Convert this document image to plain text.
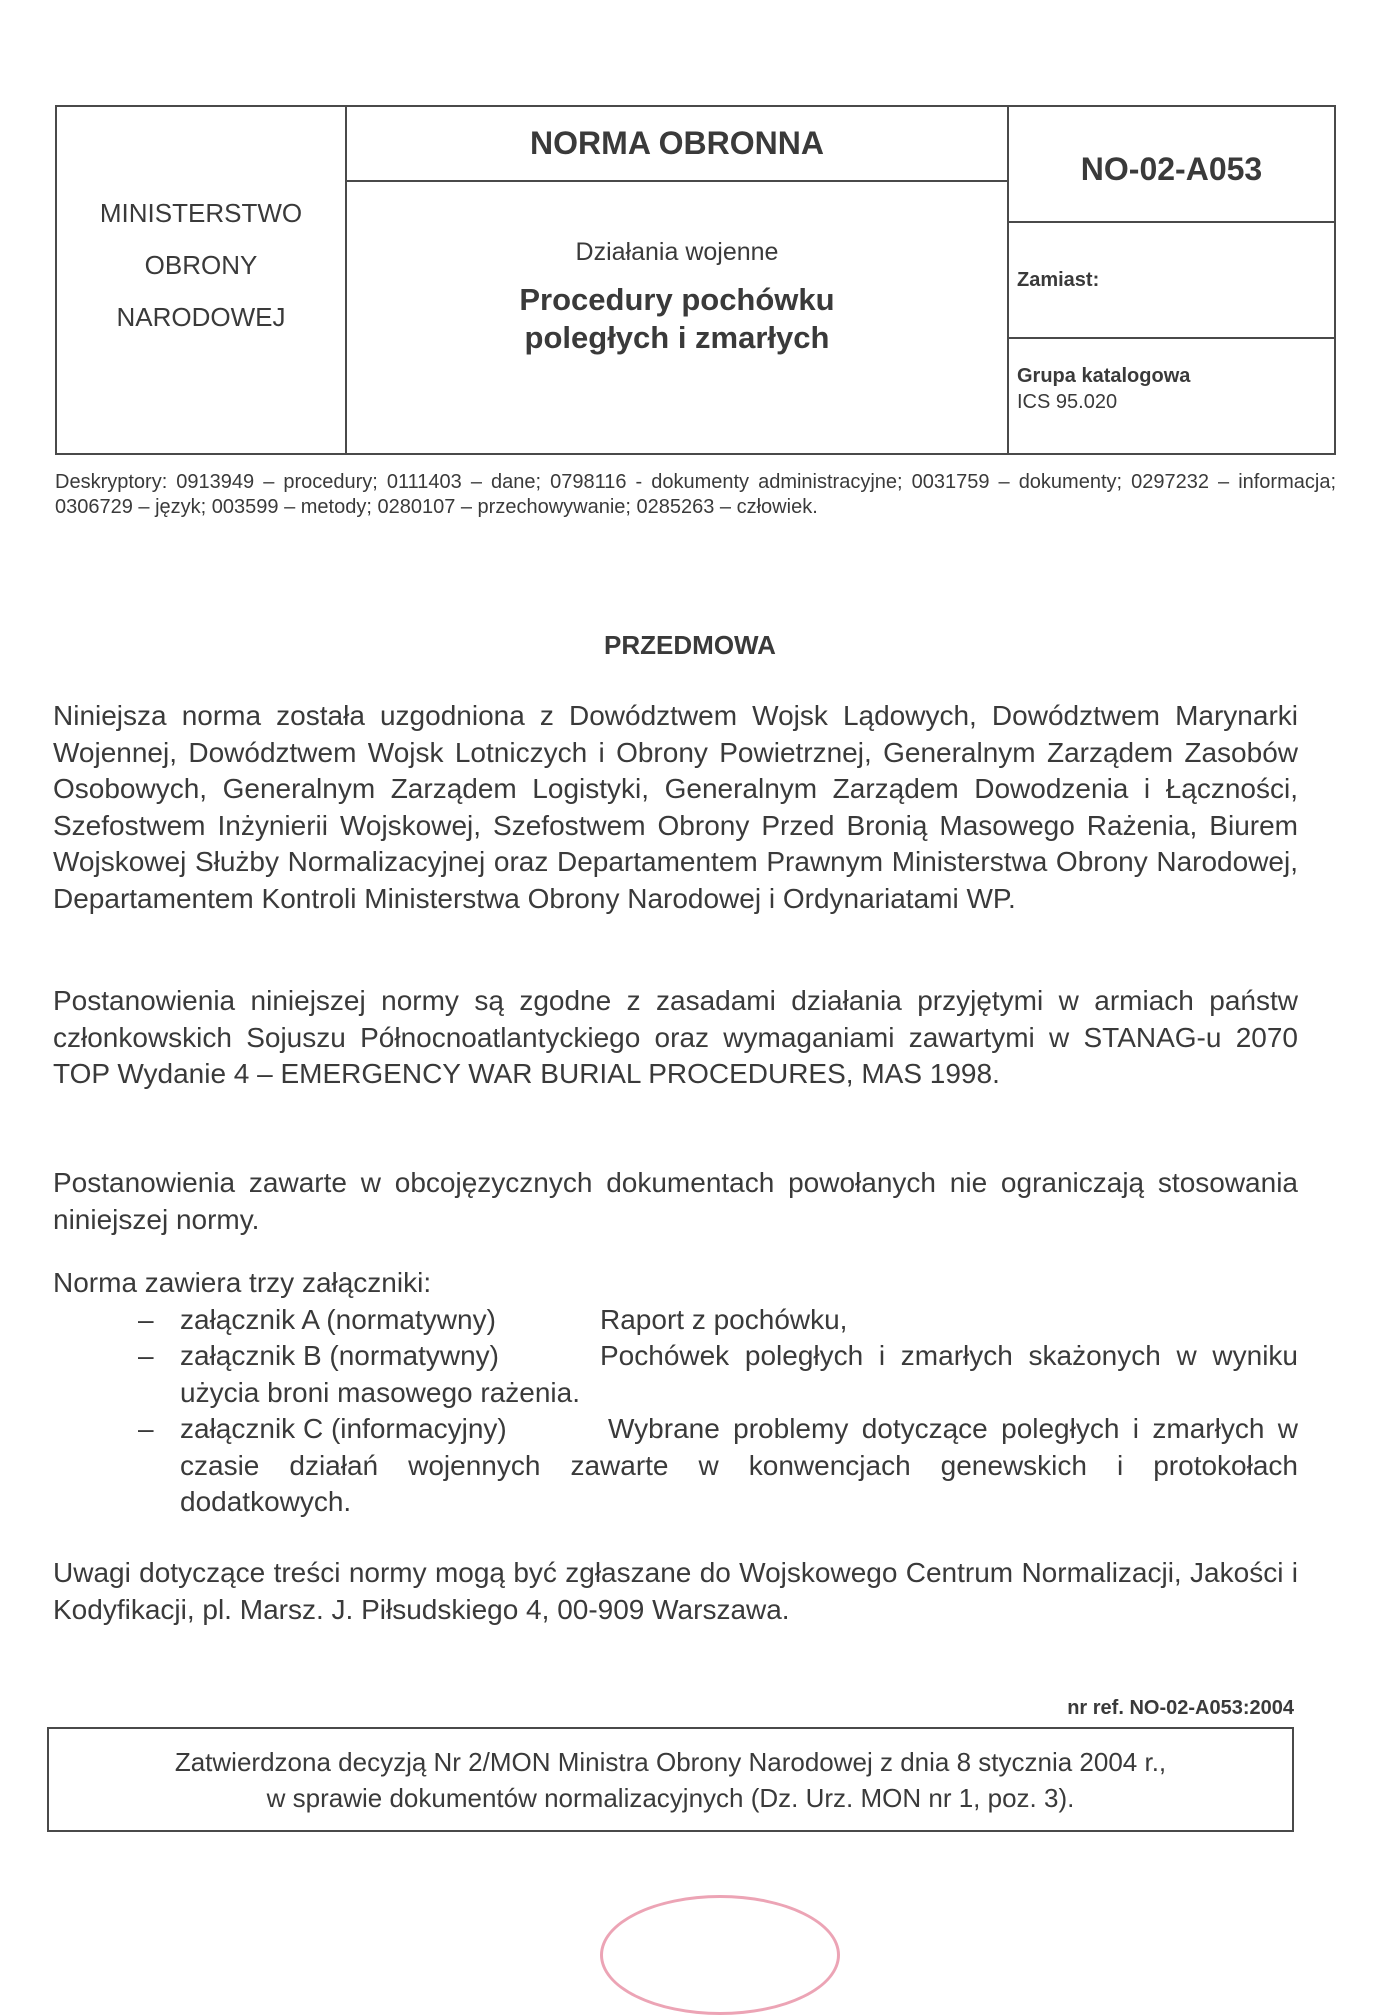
MINISTERSTWO
OBRONY
NARODOWEJ
NORMA OBRONNA
Działania wojenne
Procedury pochówku
poległych i zmarłych
NO-02-A053
Zamiast:
Grupa katalogowa
ICS 95.020
Deskryptory: 0913949 – procedury; 0111403 – dane; 0798116 - dokumenty administracyjne; 0031759 – dokumenty; 0297232 – informacja; 0306729 – język; 003599 – metody; 0280107 – przechowywanie; 0285263 – człowiek.
PRZEDMOWA
Niniejsza norma została uzgodniona z Dowództwem Wojsk Lądowych, Dowództwem Marynarki Wojennej, Dowództwem Wojsk Lotniczych i Obrony Powietrznej, Generalnym Zarządem Zasobów Osobowych, Generalnym Zarządem Logistyki, Generalnym Zarządem Dowodzenia i Łączności, Szefostwem Inżynierii Wojskowej, Szefostwem Obrony Przed Bronią Masowego Rażenia, Biurem Wojskowej Służby Normalizacyjnej oraz Departamentem Prawnym Ministerstwa Obrony Narodowej, Departamentem Kontroli Ministerstwa Obrony Narodowej i Ordynariatami WP.
Postanowienia niniejszej normy są zgodne z zasadami działania przyjętymi w armiach państw członkowskich Sojuszu Północnoatlantyckiego oraz wymaganiami zawartymi w STANAG-u 2070 TOP Wydanie 4 – EMERGENCY WAR BURIAL PROCEDURES, MAS 1998.
Postanowienia zawarte w obcojęzycznych dokumentach powołanych nie ograniczają stosowania niniejszej normy.
Norma zawiera trzy załączniki:
– załącznik A (normatywny)	Raport z pochówku,
– załącznik B (normatywny)	Pochówek poległych i zmarłych skażonych w wyniku użycia broni masowego rażenia.
– załącznik C (informacyjny)	Wybrane problemy dotyczące poległych i zmarłych w czasie działań wojennych zawarte w konwencjach genewskich i protokołach dodatkowych.
Uwagi dotyczące treści normy mogą być zgłaszane do Wojskowego Centrum Normalizacji, Jakości i Kodyfikacji, pl. Marsz. J. Piłsudskiego 4, 00-909 Warszawa.
nr ref. NO-02-A053:2004
Zatwierdzona decyzją Nr 2/MON Ministra Obrony Narodowej z dnia 8 stycznia 2004 r.,
w sprawie dokumentów normalizacyjnych (Dz. Urz. MON nr 1, poz. 3).
